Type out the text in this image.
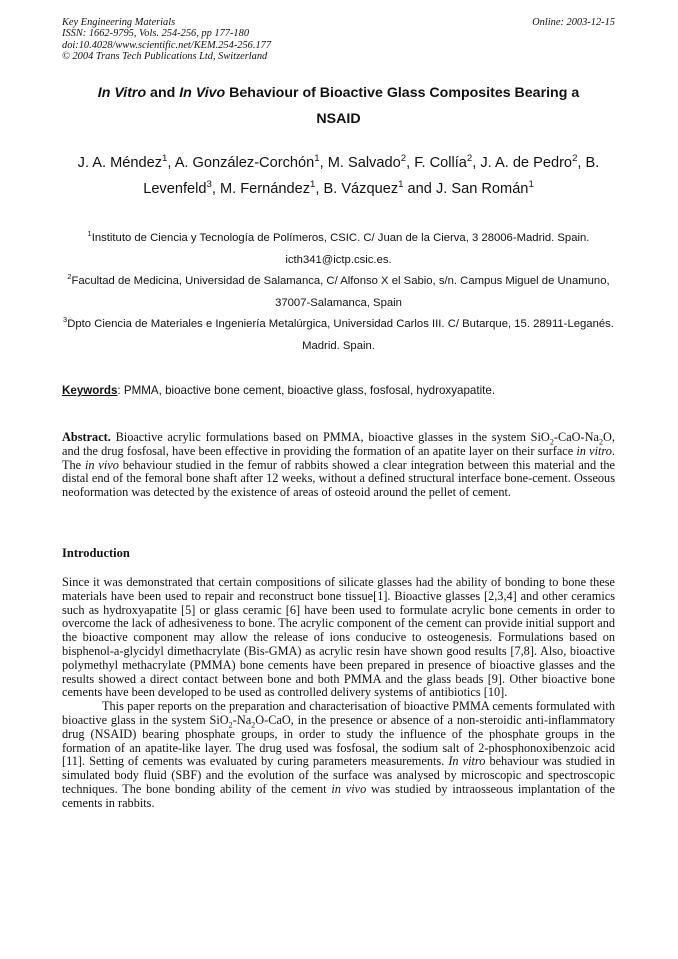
Key Engineering Materials
ISSN: 1662-9795, Vols. 254-256, pp 177-180
doi:10.4028/www.scientific.net/KEM.254-256.177
© 2004 Trans Tech Publications Ltd, Switzerland
Online: 2003-12-15
In Vitro and In Vivo Behaviour of Bioactive Glass Composites Bearing a
NSAID
J. A. Méndez$^1$, A. González-Corchón$^1$, M. Salvado$^2$, F. Collía$^2$, J. A. de Pedro$^2$, B. Levenfeld$^3$, M. Fernández$^1$, B. Vázquez$^1$ and J. San Román$^1$
$^1$Instituto de Ciencia y Tecnología de Polímeros, CSIC. C/ Juan de la Cierva, 3 28006-Madrid. Spain. icth341@ictp.csic.es.
$^2$Facultad de Medicina, Universidad de Salamanca, C/ Alfonso X el Sabio, s/n. Campus Miguel de Unamuno, 37007-Salamanca, Spain
$^3$Dpto Ciencia de Materiales e Ingeniería Metalúrgica, Universidad Carlos III. C/ Butarque, 15. 28911-Leganés. Madrid. Spain.
Keywords: PMMA, bioactive bone cement, bioactive glass, fosfosal, hydroxyapatite.
Abstract. Bioactive acrylic formulations based on PMMA, bioactive glasses in the system $SiO_2-CaO-Na_2O$, and the drug fosfosal, have been effective in providing the formation of an apatite layer on their surface in vitro. The in vivo behaviour studied in the femur of rabbits showed a clear integration between this material and the distal end of the femoral bone shaft after 12 weeks, without a defined structural interface bone-cement. Osseous neoformation was detected by the existence of areas of osteoid around the pellet of cement.
Introduction

Since it was demonstrated that certain compositions of silicate glasses had the ability of bonding to bone these materials have been used to repair and reconstruct bone tissue[1]. Bioactive glasses [2,3,4] and other ceramics such as hydroxyapatite [5] or glass ceramic [6] have been used to formulate acrylic bone cements in order to overcome the lack of adhesiveness to bone. The acrylic component of the cement can provide initial support and the bioactive component may allow the release of ions conducive to osteogenesis. Formulations based on bisphenol-a-glycidyl dimethacrylate (Bis-GMA) as acrylic resin have shown good results [7,8]. Also, bioactive polymethyl methacrylate (PMMA) bone cements have been prepared in presence of bioactive glasses and the results showed a direct contact between bone and both PMMA and the glass beads [9]. Other bioactive bone cements have been developed to be used as controlled delivery systems of antibiotics [10].

This paper reports on the preparation and characterisation of bioactive PMMA cements formulated with bioactive glass in the system $SiO_2-Na_2O$-CaO, in the presence or absence of a non-steroidic anti-inflammatory drug (NSAID) bearing phosphate groups, in order to study the influence of the phosphate groups in the formation of an apatite-like layer. The drug used was fosfosal, the sodium salt of 2-phosphonoxibenzoic acid [11]. Setting of cements was evaluated by curing parameters measurements. In vitro behaviour was studied in simulated body fluid (SBF) and the evolution of the surface was analysed by microscopic and spectroscopic techniques. The bone bonding ability of the cement in vivo was studied by intraosseous implantation of the cements in rabbits.
